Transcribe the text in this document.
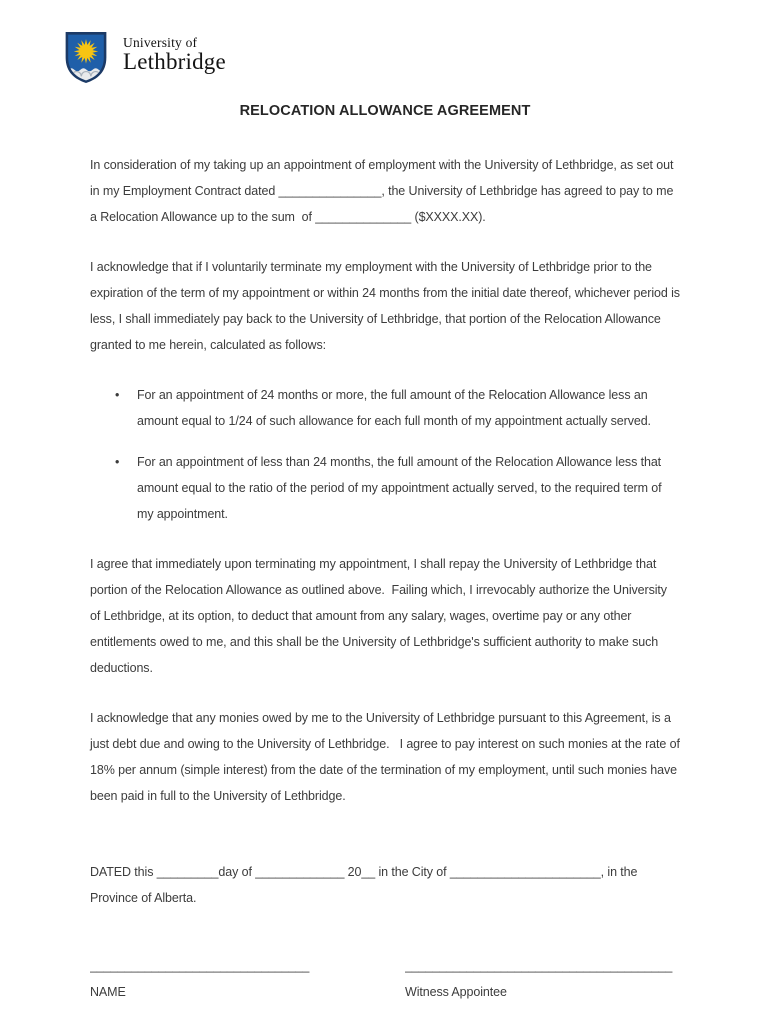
University of
Lethbridge
RELOCATION ALLOWANCE AGREEMENT

In consideration of my taking up an appointment of employment with the University of Lethbridge, as set out in my Employment Contract dated _______________, the University of Lethbridge has agreed to pay to me a Relocation Allowance up to the sum  of ______________ ($XXXX.XX).

I acknowledge that if I voluntarily terminate my employment with the University of Lethbridge prior to the expiration of the term of my appointment or within 24 months from the initial date thereof, whichever period is less, I shall immediately pay back to the University of Lethbridge, that portion of the Relocation Allowance granted to me herein, calculated as follows:

•	For an appointment of 24 months or more, the full amount of the Relocation Allowance less an amount equal to 1/24 of such allowance for each full month of my appointment actually served.
•	For an appointment of less than 24 months, the full amount of the Relocation Allowance less that amount equal to the ratio of the period of my appointment actually served, to the required term of my appointment.

I agree that immediately upon terminating my appointment, I shall repay the University of Lethbridge that portion of the Relocation Allowance as outlined above.  Failing which, I irrevocably authorize the University of Lethbridge, at its option, to deduct that amount from any salary, wages, overtime pay or any other entitlements owed to me, and this shall be the University of Lethbridge's sufficient authority to make such deductions.

I acknowledge that any monies owed by me to the University of Lethbridge pursuant to this Agreement, is a just debt due and owing to the University of Lethbridge.   I agree to pay interest on such monies at the rate of 18% per annum (simple interest) from the date of the termination of my employment, until such monies have been paid in full to the University of Lethbridge.

DATED this _________day of _____________ 20__ in the City of ______________________, in the Province of Alberta.

________________________________
NAME
_______________________________________
Witness Appointee
